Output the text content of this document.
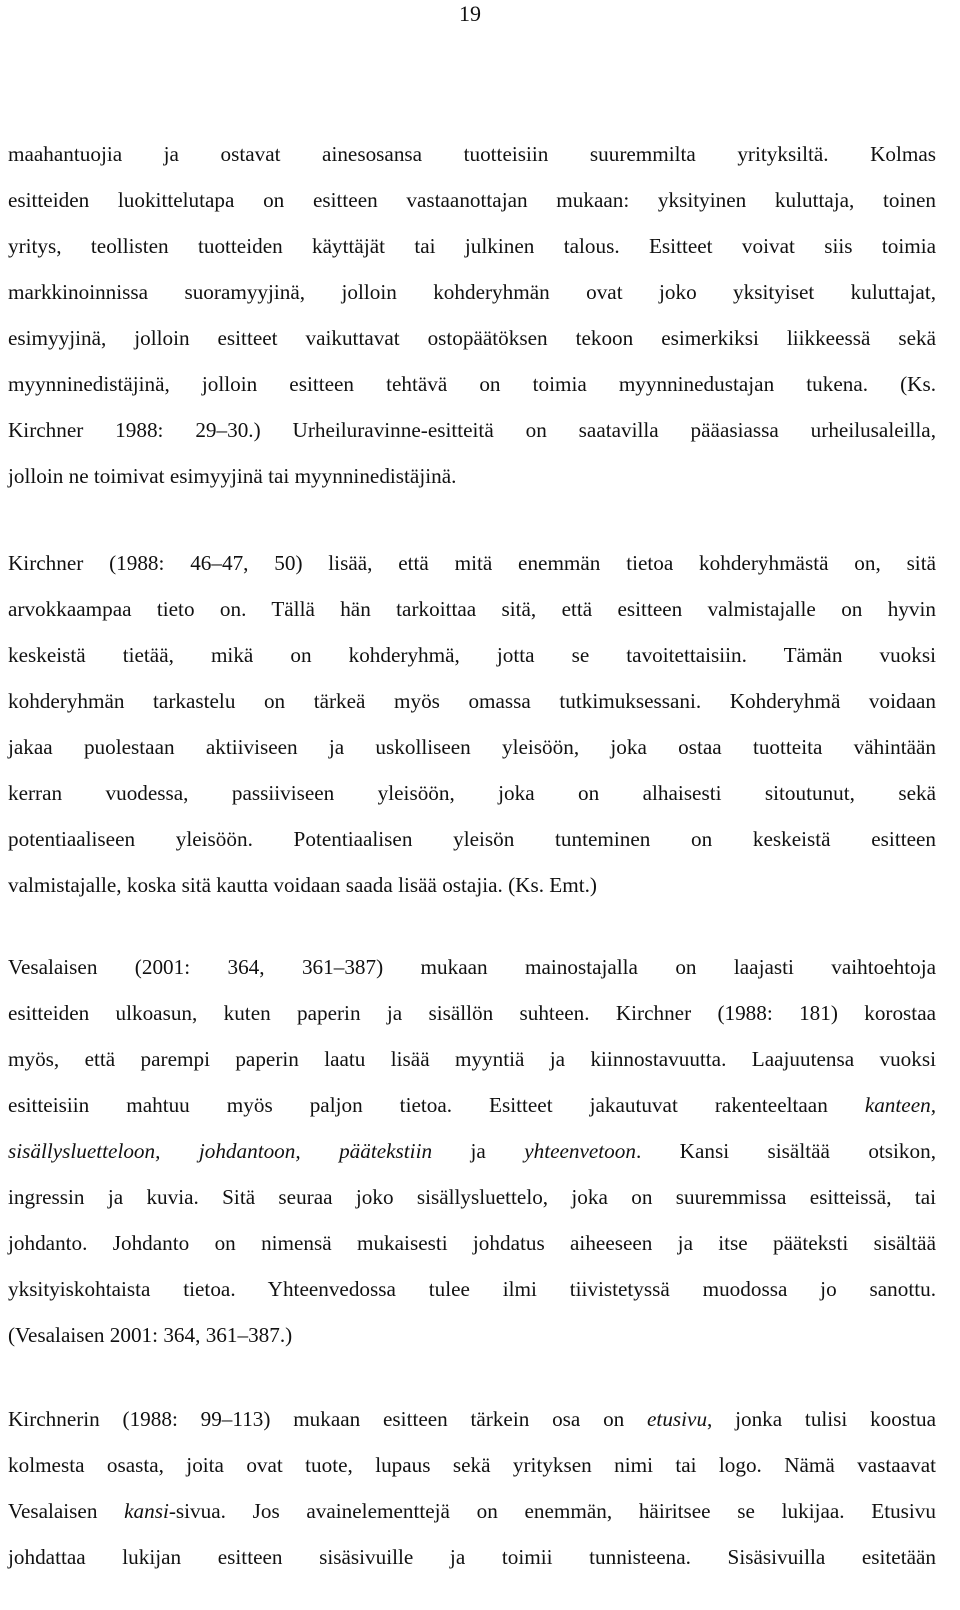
19
maahantuojia ja ostavat ainesosansa tuotteisiin suuremmilta yrityksiltä. Kolmas
esitteiden luokittelutapa on esitteen vastaanottajan mukaan: yksityinen kuluttaja, toinen
yritys, teollisten tuotteiden käyttäjät tai julkinen talous. Esitteet voivat siis toimia
markkinoinnissa suoramyyjinä, jolloin kohderyhmän ovat joko yksityiset kuluttajat,
esimyyjinä, jolloin esitteet vaikuttavat ostopäätöksen tekoon esimerkiksi liikkeessä sekä
myynninedistäjinä, jolloin esitteen tehtävä on toimia myynninedustajan tukena. (Ks.
Kirchner 1988: 29–30.) Urheiluravinne-esitteitä on saatavilla pääasiassa urheilusaleilla,
jolloin ne toimivat esimyyjinä tai myynninedistäjinä.
Kirchner (1988: 46–47, 50) lisää, että mitä enemmän tietoa kohderyhmästä on, sitä
arvokkaampaa tieto on. Tällä hän tarkoittaa sitä, että esitteen valmistajalle on hyvin
keskeistä tietää, mikä on kohderyhmä, jotta se tavoitettaisiin. Tämän vuoksi
kohderyhmän tarkastelu on tärkeä myös omassa tutkimuksessani. Kohderyhmä voidaan
jakaa puolestaan aktiiviseen ja uskolliseen yleisöön, joka ostaa tuotteita vähintään
kerran vuodessa, passiiviseen yleisöön, joka on alhaisesti sitoutunut, sekä
potentiaaliseen yleisöön. Potentiaalisen yleisön tunteminen on keskeistä esitteen
valmistajalle, koska sitä kautta voidaan saada lisää ostajia. (Ks. Emt.)
Vesalaisen (2001: 364, 361–387) mukaan mainostajalla on laajasti vaihtoehtoja
esitteiden ulkoasun, kuten paperin ja sisällön suhteen. Kirchner (1988: 181) korostaa
myös, että parempi paperin laatu lisää myyntiä ja kiinnostavuutta. Laajuutensa vuoksi
esitteisiin mahtuu myös paljon tietoa. Esitteet jakautuvat rakenteeltaan kanteen,
sisällysluetteloon, johdantoon, päätekstiin ja yhteenvetoon. Kansi sisältää otsikon,
ingressin ja kuvia. Sitä seuraa joko sisällysluettelo, joka on suuremmissa esitteissä, tai
johdanto. Johdanto on nimensä mukaisesti johdatus aiheeseen ja itse pääteksti sisältää
yksityiskohtaista tietoa. Yhteenvedossa tulee ilmi tiivistetyssä muodossa jo sanottu.
(Vesalaisen 2001: 364, 361–387.)
Kirchnerin (1988: 99–113) mukaan esitteen tärkein osa on etusivu, jonka tulisi koostua
kolmesta osasta, joita ovat tuote, lupaus sekä yrityksen nimi tai logo. Nämä vastaavat
Vesalaisen kansi-sivua. Jos avainelementtejä on enemmän, häiritsee se lukijaa. Etusivu
johdattaa lukijan esitteen sisäsivuille ja toimii tunnisteena. Sisäsivuilla esitetään
